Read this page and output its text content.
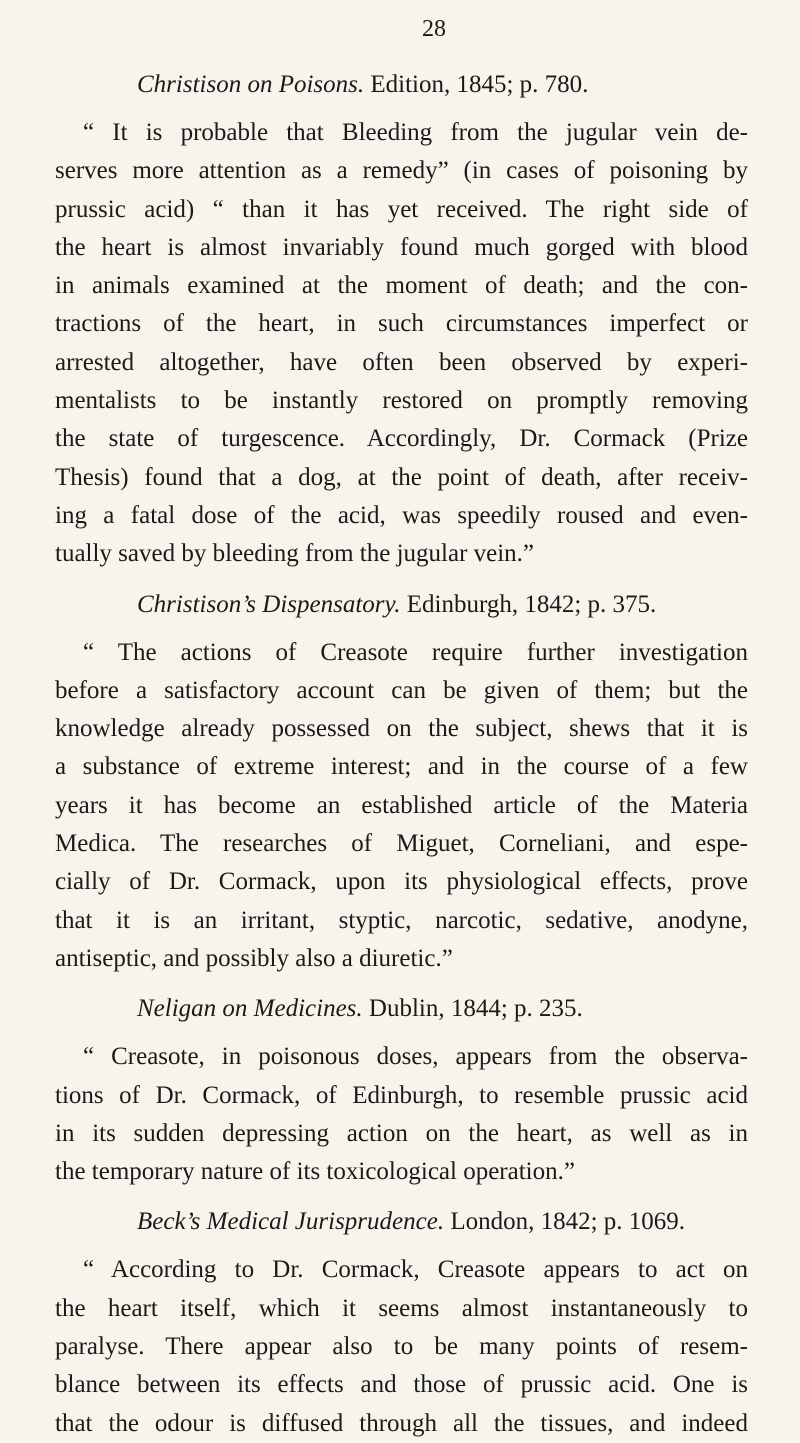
28
Christison on Poisons. Edition, 1845; p. 780.
“ It is probable that Bleeding from the jugular vein de-
serves more attention as a remedy” (in cases of poisoning by
prussic acid) “ than it has yet received. The right side of
the heart is almost invariably found much gorged with blood
in animals examined at the moment of death; and the con-
tractions of the heart, in such circumstances imperfect or
arrested altogether, have often been observed by experi-
mentalists to be instantly restored on promptly removing
the state of turgescence. Accordingly, Dr. Cormack (Prize
Thesis) found that a dog, at the point of death, after receiv-
ing a fatal dose of the acid, was speedily roused and even-
tually saved by bleeding from the jugular vein.”
Christison’s Dispensatory. Edinburgh, 1842; p. 375.
“ The actions of Creasote require further investigation
before a satisfactory account can be given of them; but the
knowledge already possessed on the subject, shews that it is
a substance of extreme interest; and in the course of a few
years it has become an established article of the Materia
Medica. The researches of Miguet, Corneliani, and espe-
cially of Dr. Cormack, upon its physiological effects, prove
that it is an irritant, styptic, narcotic, sedative, anodyne,
antiseptic, and possibly also a diuretic.”
Neligan on Medicines. Dublin, 1844; p. 235.
“ Creasote, in poisonous doses, appears from the observa-
tions of Dr. Cormack, of Edinburgh, to resemble prussic acid
in its sudden depressing action on the heart, as well as in
the temporary nature of its toxicological operation.”
Beck’s Medical Jurisprudence. London, 1842; p. 1069.
“ According to Dr. Cormack, Creasote appears to act on
the heart itself, which it seems almost instantaneously to
paralyse. There appear also to be many points of resem-
blance between its effects and those of prussic acid. One is
that the odour is diffused through all the tissues, and indeed
